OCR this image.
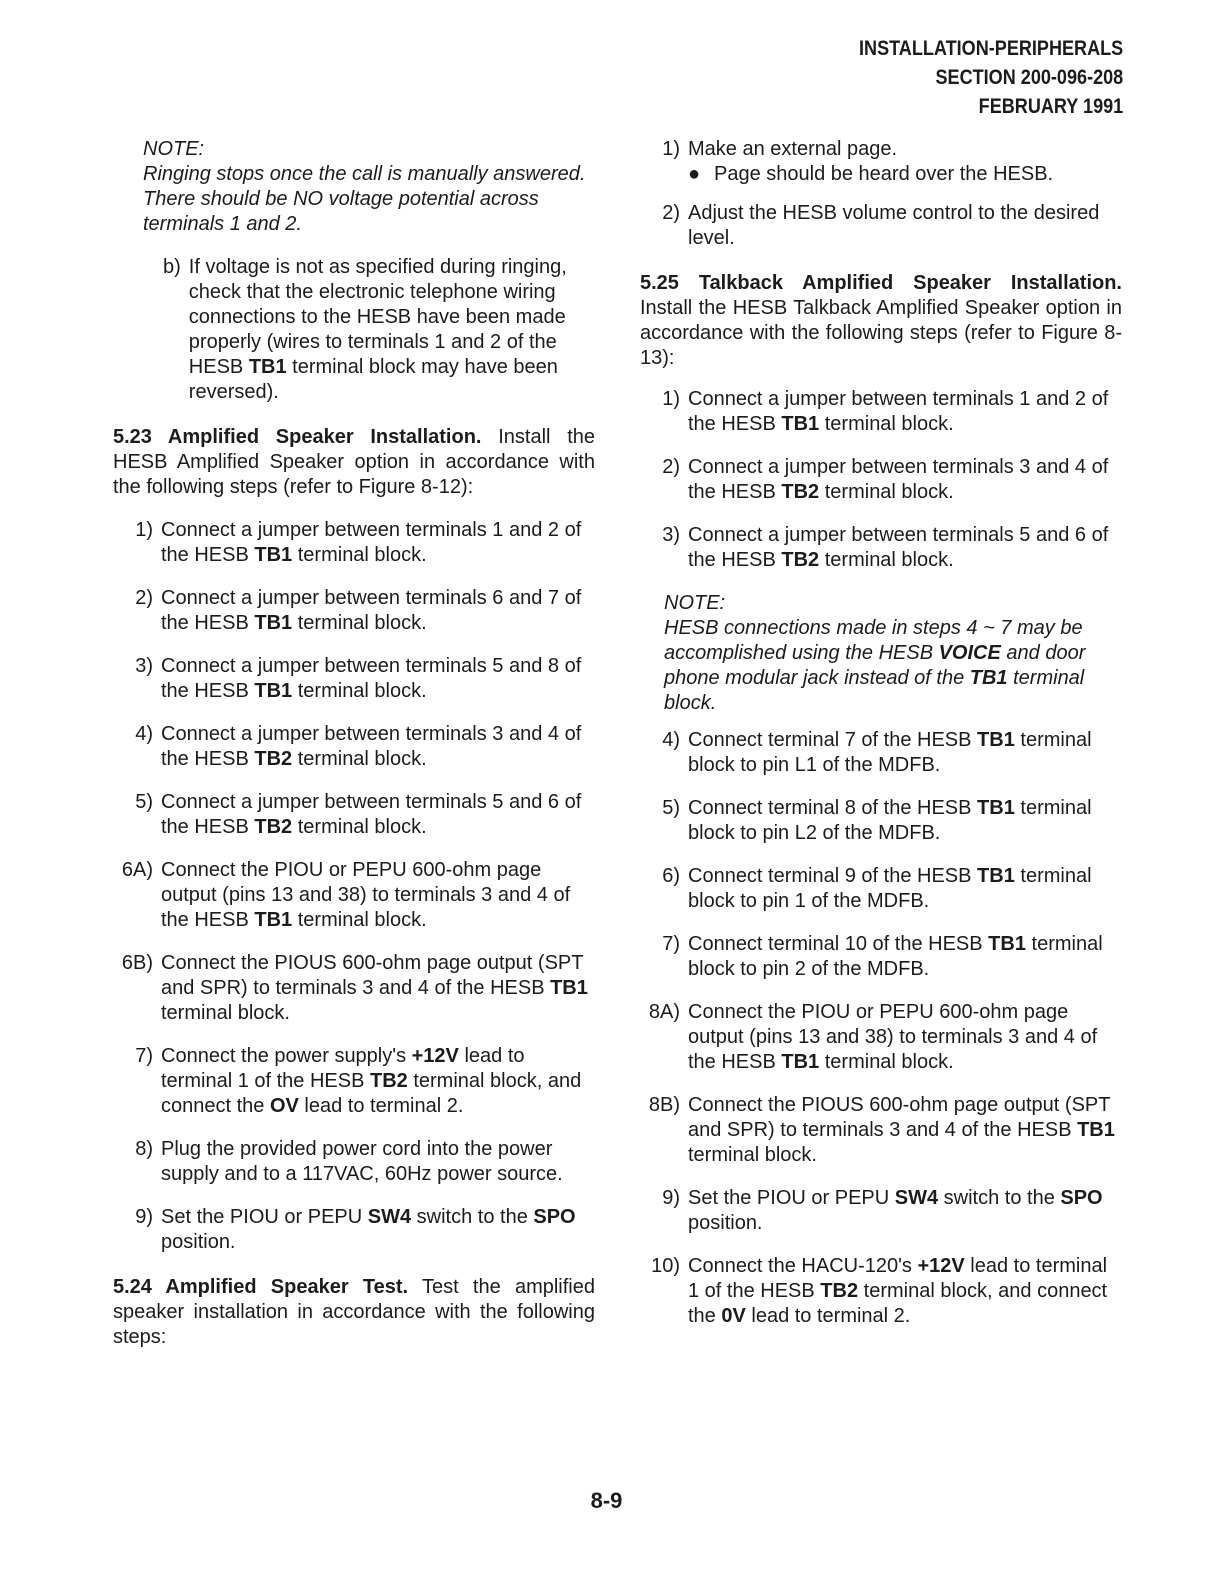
INSTALLATION-PERIPHERALS
SECTION 200-096-208
FEBRUARY 1991
NOTE:
Ringing stops once the call is manually answered. There should be NO voltage potential across terminals 1 and 2.
b) If voltage is not as specified during ringing, check that the electronic telephone wiring connections to the HESB have been made properly (wires to terminals 1 and 2 of the HESB TB1 terminal block may have been reversed).
5.23 Amplified Speaker Installation. Install the HESB Amplified Speaker option in accordance with the following steps (refer to Figure 8-12):
1) Connect a jumper between terminals 1 and 2 of the HESB TB1 terminal block.
2) Connect a jumper between terminals 6 and 7 of the HESB TB1 terminal block.
3) Connect a jumper between terminals 5 and 8 of the HESB TB1 terminal block.
4) Connect a jumper between terminals 3 and 4 of the HESB TB2 terminal block.
5) Connect a jumper between terminals 5 and 6 of the HESB TB2 terminal block.
6A) Connect the PIOU or PEPU 600-ohm page output (pins 13 and 38) to terminals 3 and 4 of the HESB TB1 terminal block.
6B) Connect the PIOUS 600-ohm page output (SPT and SPR) to terminals 3 and 4 of the HESB TB1 terminal block.
7) Connect the power supply's +12V lead to terminal 1 of the HESB TB2 terminal block, and connect the OV lead to terminal 2.
8) Plug the provided power cord into the power supply and to a 117VAC, 60Hz power source.
9) Set the PIOU or PEPU SW4 switch to the SPO position.
5.24 Amplified Speaker Test. Test the amplified speaker installation in accordance with the following steps:
1) Make an external page.
● Page should be heard over the HESB.
2) Adjust the HESB volume control to the desired level.
5.25 Talkback Amplified Speaker Installation. Install the HESB Talkback Amplified Speaker option in accordance with the following steps (refer to Figure 8-13):
1) Connect a jumper between terminals 1 and 2 of the HESB TB1 terminal block.
2) Connect a jumper between terminals 3 and 4 of the HESB TB2 terminal block.
3) Connect a jumper between terminals 5 and 6 of the HESB TB2 terminal block.
NOTE:
HESB connections made in steps 4 ~ 7 may be accomplished using the HESB VOICE and door phone modular jack instead of the TB1 terminal block.
4) Connect terminal 7 of the HESB TB1 terminal block to pin L1 of the MDFB.
5) Connect terminal 8 of the HESB TB1 terminal block to pin L2 of the MDFB.
6) Connect terminal 9 of the HESB TB1 terminal block to pin 1 of the MDFB.
7) Connect terminal 10 of the HESB TB1 terminal block to pin 2 of the MDFB.
8A) Connect the PIOU or PEPU 600-ohm page output (pins 13 and 38) to terminals 3 and 4 of the HESB TB1 terminal block.
8B) Connect the PIOUS 600-ohm page output (SPT and SPR) to terminals 3 and 4 of the HESB TB1 terminal block.
9) Set the PIOU or PEPU SW4 switch to the SPO position.
10) Connect the HACU-120's +12V lead to terminal 1 of the HESB TB2 terminal block, and connect the 0V lead to terminal 2.
8-9
